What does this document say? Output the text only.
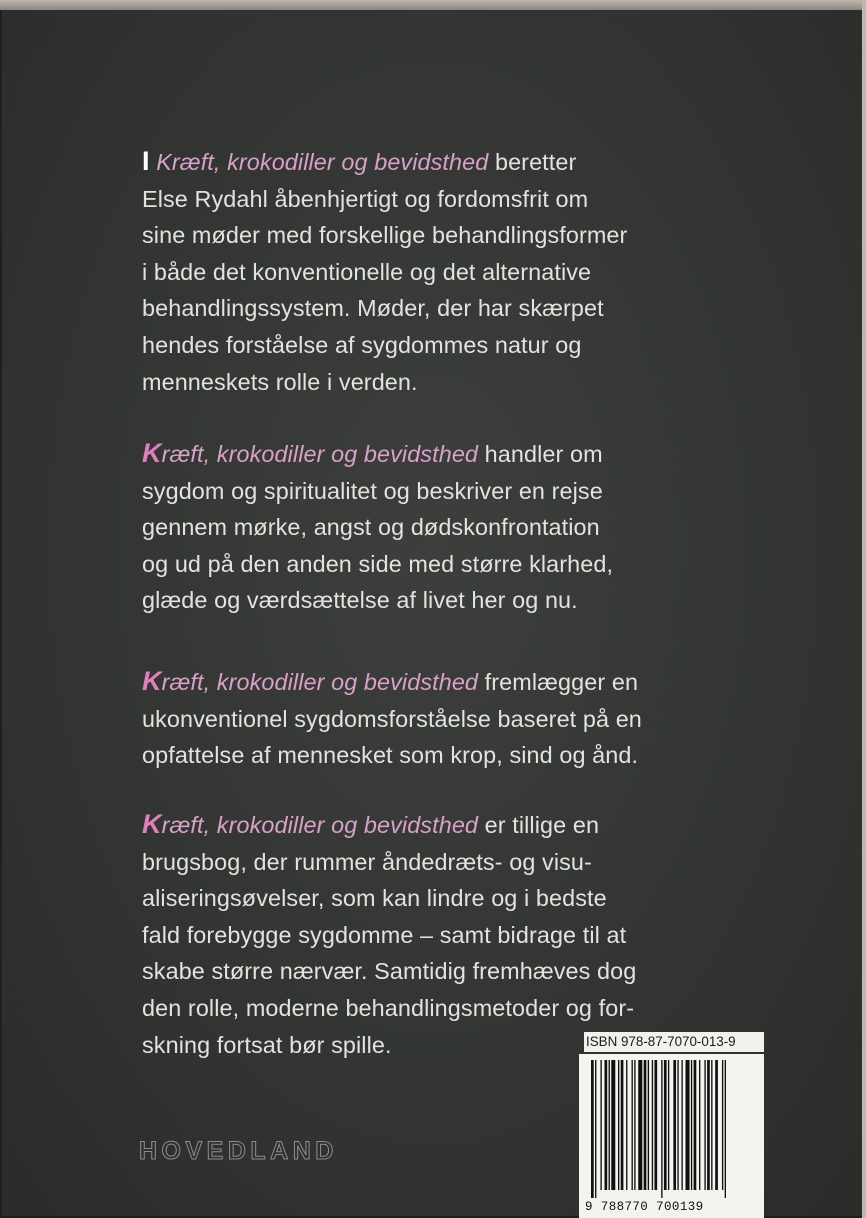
I Kræft, krokodiller og bevidsthed beretter
Else Rydahl åbenhjertigt og fordomsfrit om
sine møder med forskellige behandlingsformer
i både det konventionelle og det alternative
behandlingssystem. Møder, der har skærpet
hendes forståelse af sygdommes natur og
menneskets rolle i verden.

Kræft, krokodiller og bevidsthed handler om
sygdom og spiritualitet og beskriver en rejse
gennem mørke, angst og dødskonfrontation
og ud på den anden side med større klarhed,
glæde og værdsættelse af livet her og nu.

Kræft, krokodiller og bevidsthed fremlægger en
ukonventionel sygdomsforståelse baseret på en
opfattelse af mennesket som krop, sind og ånd.

Kræft, krokodiller og bevidsthed er tillige en
brugsbog, der rummer åndedræts- og visu-
aliseringsøvelser, som kan lindre og i bedste
fald forebygge sygdomme – samt bidrage til at
skabe større nærvær. Samtidig fremhæves dog
den rolle, moderne behandlingsmetoder og for-
skning fortsat bør spille.

HOVEDLAND
ISBN 978-87-7070-013-9
9 788770 700139
